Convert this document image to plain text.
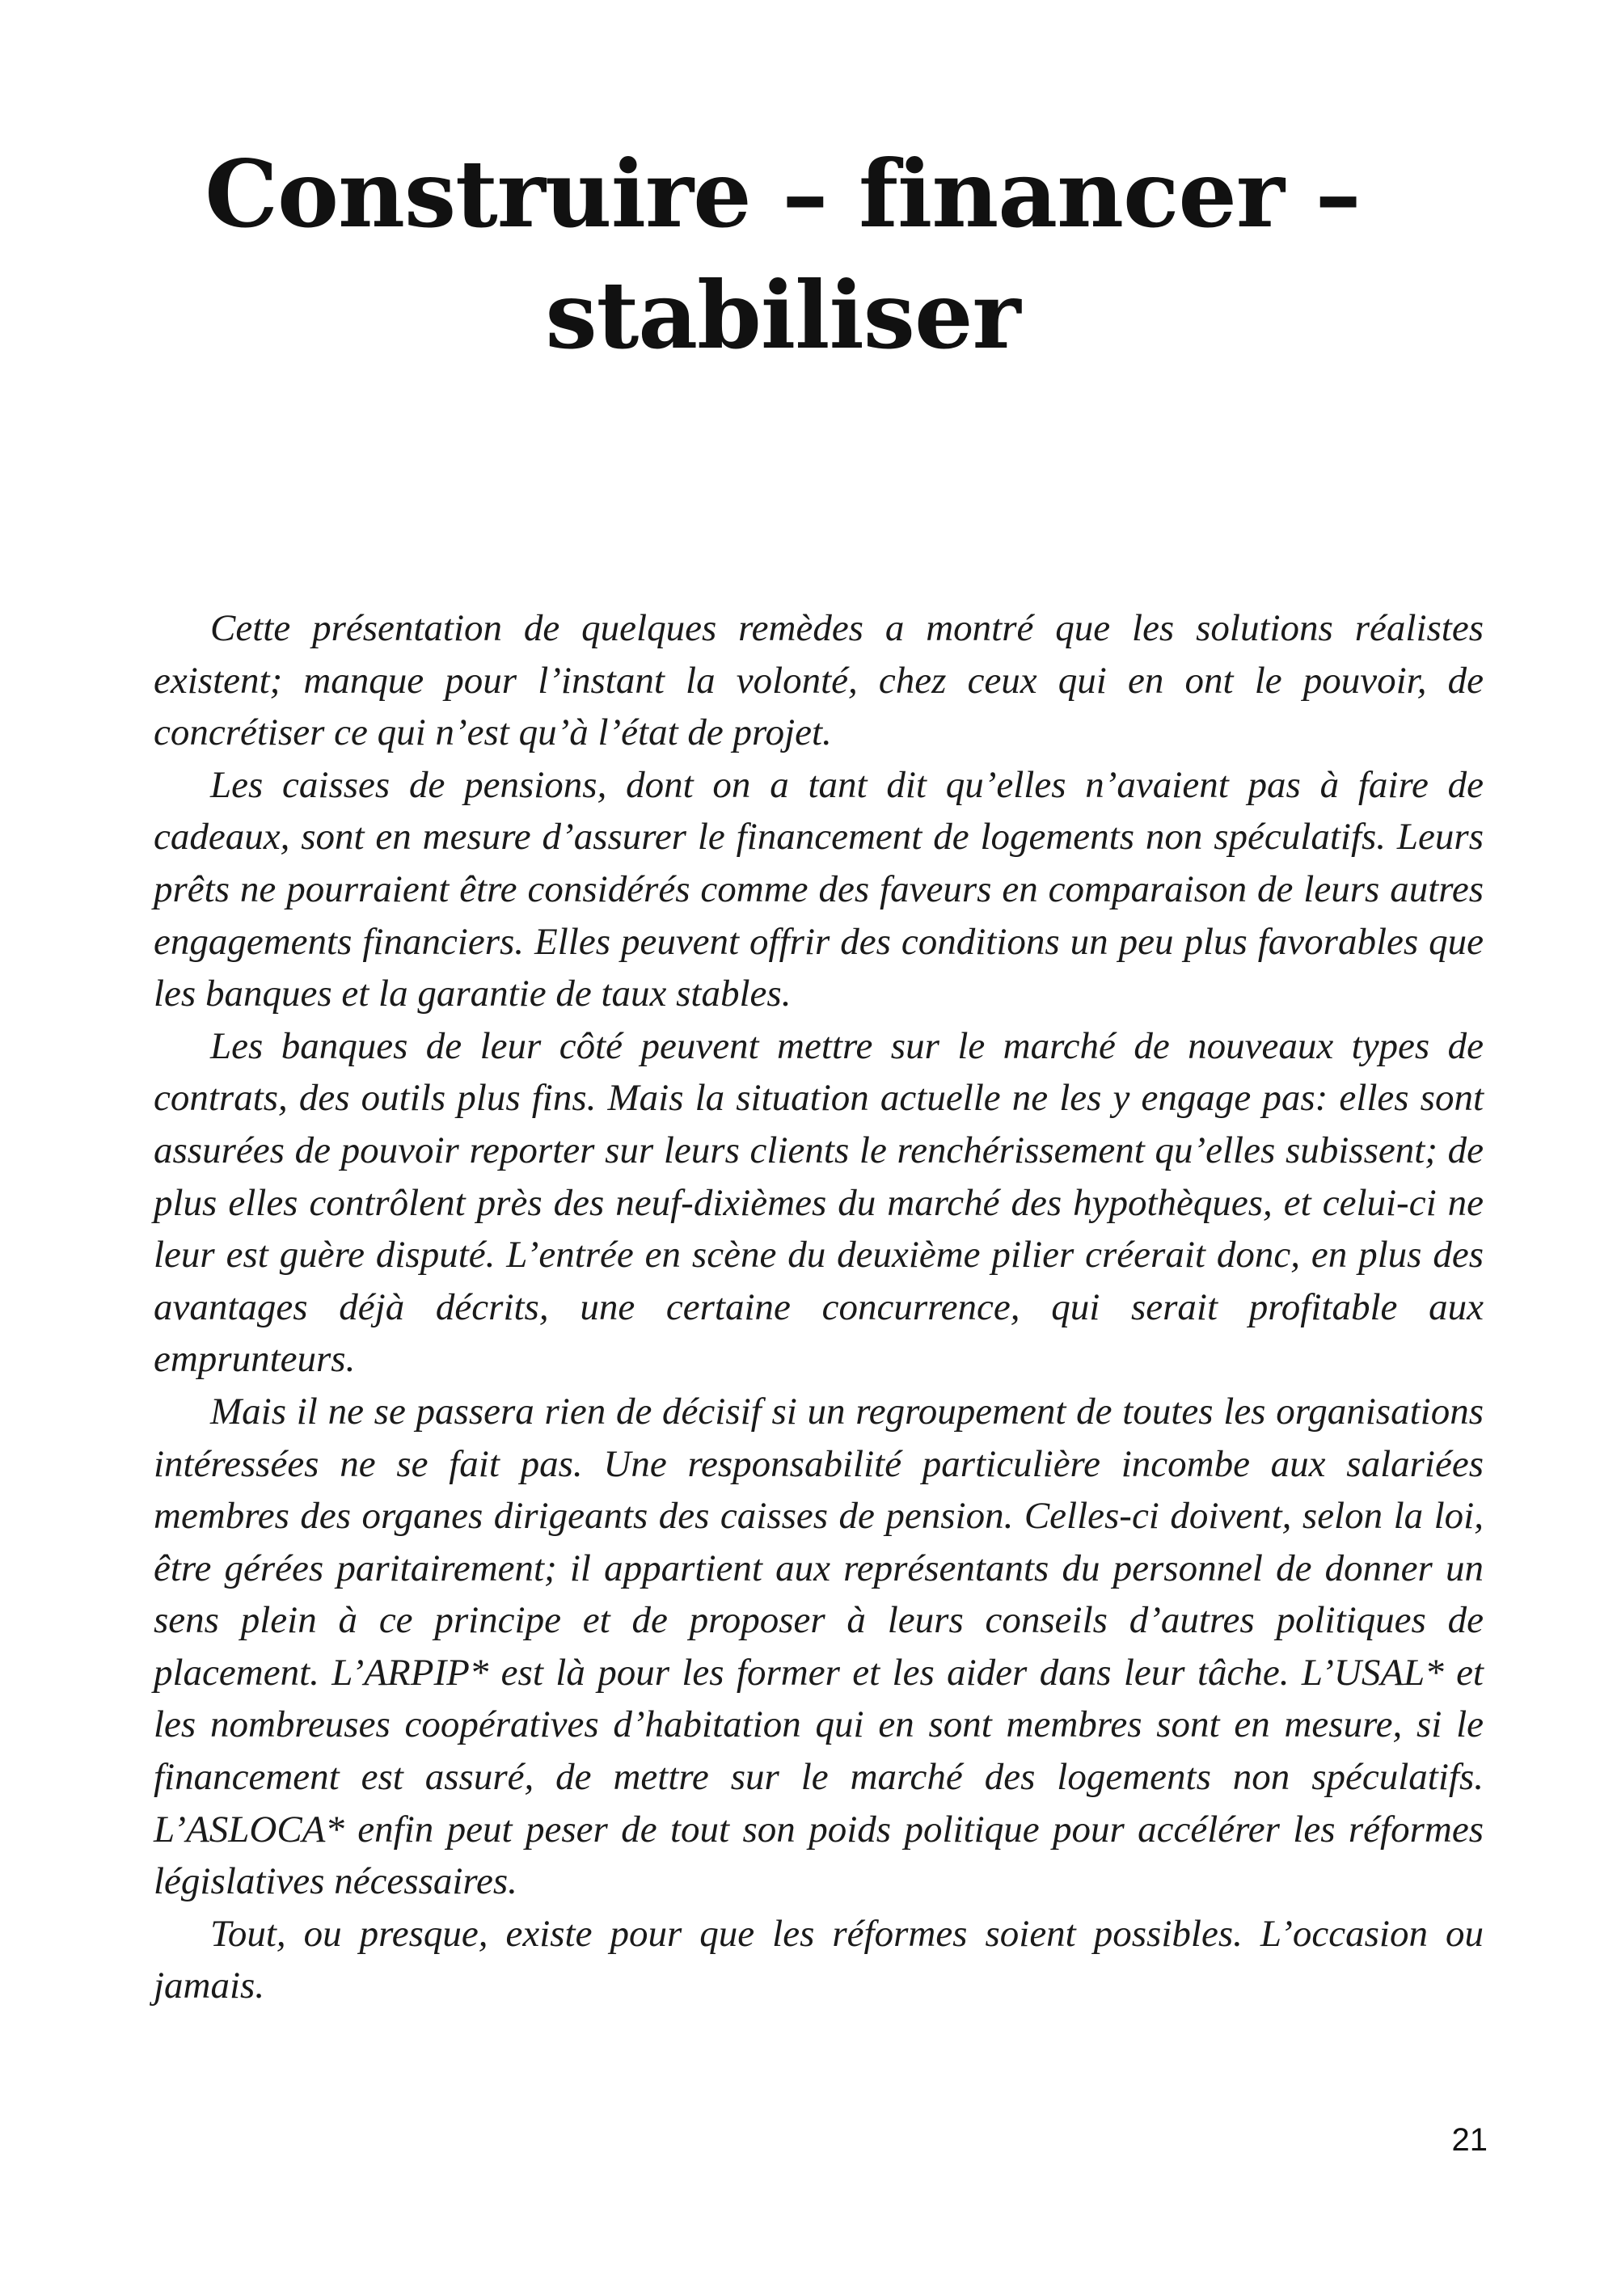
Construire – financer – stabiliser

Cette présentation de quelques remèdes a montré que les solutions réalistes existent; manque pour l’instant la volonté, chez ceux qui en ont le pouvoir, de concrétiser ce qui n’est qu’à l’état de projet.

Les caisses de pensions, dont on a tant dit qu’elles n’avaient pas à faire de cadeaux, sont en mesure d’assurer le financement de logements non spéculatifs. Leurs prêts ne pourraient être considérés comme des faveurs en comparaison de leurs autres engagements financiers. Elles peuvent offrir des conditions un peu plus favorables que les banques et la garantie de taux stables.

Les banques de leur côté peuvent mettre sur le marché de nouveaux types de contrats, des outils plus fins. Mais la situation actuelle ne les y engage pas: elles sont assurées de pouvoir reporter sur leurs clients le renchérissement qu’elles subissent; de plus elles contrôlent près des neuf-dixièmes du marché des hypothèques, et celui-ci ne leur est guère disputé. L’entrée en scène du deuxième pilier créerait donc, en plus des avantages déjà décrits, une certaine concurrence, qui serait profitable aux emprunteurs.

Mais il ne se passera rien de décisif si un regroupement de toutes les organisations intéressées ne se fait pas. Une responsabilité particulière incombe aux salariées membres des organes dirigeants des caisses de pension. Celles-ci doivent, selon la loi, être gérées paritairement; il appartient aux représentants du personnel de donner un sens plein à ce principe et de proposer à leurs conseils d’autres politiques de placement. L’ARPIP* est là pour les former et les aider dans leur tâche. L’USAL* et les nombreuses coopératives d’habitation qui en sont membres sont en mesure, si le financement est assuré, de mettre sur le marché des logements non spéculatifs. L’ASLOCA* enfin peut peser de tout son poids politique pour accélérer les réformes législatives nécessaires.

Tout, ou presque, existe pour que les réformes soient possibles. L’occasion ou jamais.

21
